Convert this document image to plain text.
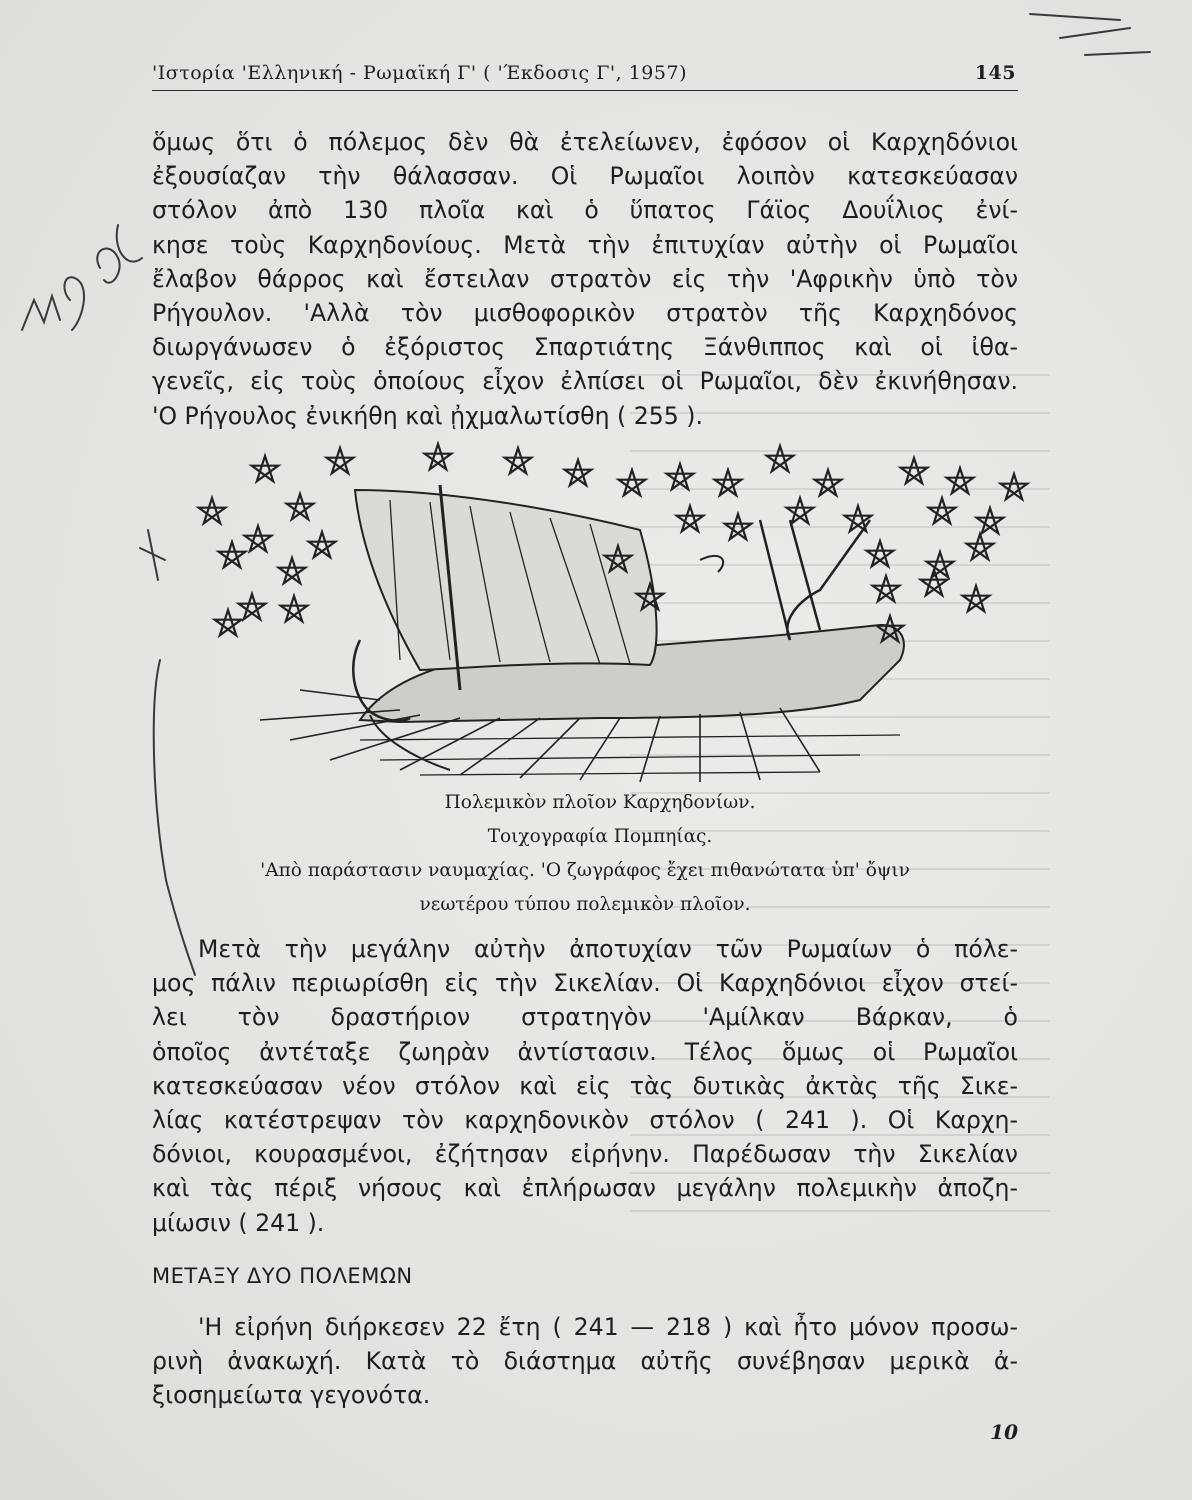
'Ιστορία 'Ελληνική - Ρωμαϊκή Γ' ( 'Έκδοσις Γ', 1957)	145
ὅμως ὅτι ὁ πόλεμος δὲν θὰ ἐτελείωνεν, ἐφόσον οἱ Καρχηδόνιοι
ἐξουσίαζαν τὴν θάλασσαν. Οἱ Ρωμαῖοι λοιπὸν κατεσκεύασαν
στόλον ἀπὸ 130 πλοῖα καὶ ὁ ὕπατος Γάϊος Δουΐλιος ἐνί-
κησε τοὺς Καρχηδονίους. Μετὰ τὴν ἐπιτυχίαν αὐτὴν οἱ Ρωμαῖοι
ἔλαβον θάρρος καὶ ἔστειλαν στρατὸν εἰς τὴν 'Αφρικὴν ὑπὸ τὸν
Ρήγουλον. 'Αλλὰ τὸν μισθοφορικὸν στρατὸν τῆς Καρχηδόνος
διωργάνωσεν ὁ ἐξόριστος Σπαρτιάτης Ξάνθιππος καὶ οἱ ἰθα-
γενεῖς, εἰς τοὺς ὁποίους εἶχον ἐλπίσει οἱ Ρωμαῖοι, δὲν ἐκινήθησαν.
'Ο Ρήγουλος ἐνικήθη καὶ ᾐχμαλωτίσθη ( 255 ).
Πολεμικὸν πλοῖον Καρχηδονίων.
Τοιχογραφία Πομπηίας.
'Απὸ παράστασιν ναυμαχίας. 'Ο ζωγράφος ἔχει πιθανώτατα ὑπ' ὄψιν
νεωτέρου τύπου πολεμικὸν πλοῖον.
Μετὰ τὴν μεγάλην αὐτὴν ἀποτυχίαν τῶν Ρωμαίων ὁ πόλε-
μος πάλιν περιωρίσθη εἰς τὴν Σικελίαν. Οἱ Καρχηδόνιοι εἶχον στεί-
λει τὸν δραστήριον στρατηγὸν 'Αμίλκαν Βάρκαν, ὁ
ὁποῖος ἀντέταξε ζωηρὰν ἀντίστασιν. Τέλος ὅμως οἱ Ρωμαῖοι
κατεσκεύασαν νέον στόλον καὶ εἰς τὰς δυτικὰς ἀκτὰς τῆς Σικε-
λίας κατέστρεψαν τὸν καρχηδονικὸν στόλον ( 241 ). Οἱ Καρχη-
δόνιοι, κουρασμένοι, ἐζήτησαν εἰρήνην. Παρέδωσαν τὴν Σικελίαν
καὶ τὰς πέριξ νήσους καὶ ἐπλήρωσαν μεγάλην πολεμικὴν ἀποζη-
μίωσιν ( 241 ).
ΜΕΤΑΞΥ ΔΥΟ ΠΟΛΕΜΩΝ
'Η εἰρήνη διήρκεσεν 22 ἔτη ( 241 — 218 ) καὶ ἦτο μόνον προσω-
ρινὴ ἀνακωχή. Κατὰ τὸ διάστημα αὐτῆς συνέβησαν μερικὰ ἀ-
ξιοσημείωτα γεγονότα.
10
